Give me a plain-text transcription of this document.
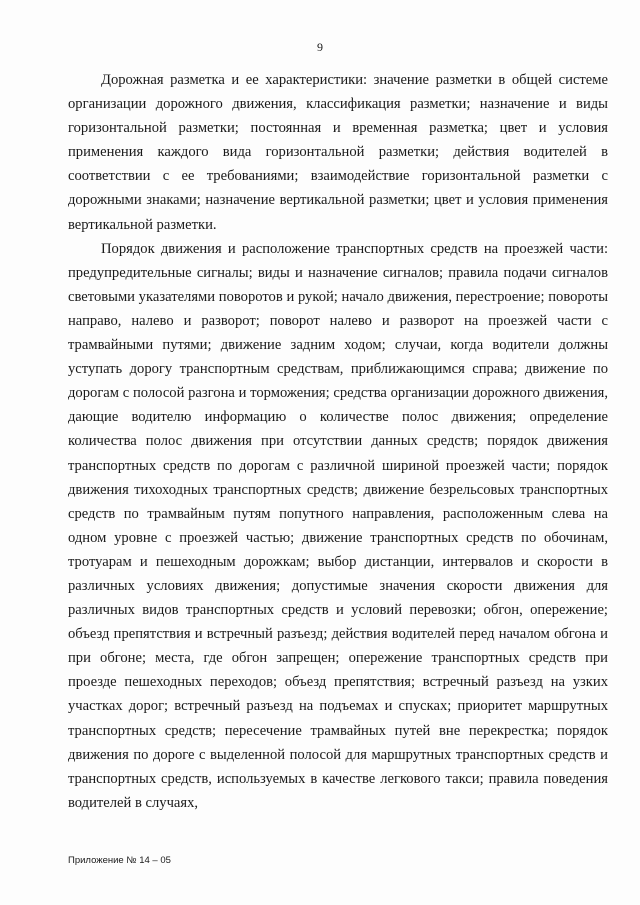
9

Дорожная разметка и ее характеристики: значение разметки в общей системе организации дорожного движения, классификация разметки; назначение и виды горизонтальной разметки; постоянная и временная разметка; цвет и условия применения каждого вида горизонтальной разметки; действия водителей в соответствии с ее требованиями; взаимодействие горизонтальной разметки с дорожными знаками; назначение вертикальной разметки; цвет и условия применения вертикальной разметки.

Порядок движения и расположение транспортных средств на проезжей части: предупредительные сигналы; виды и назначение сигналов; правила подачи сигналов световыми указателями поворотов и рукой; начало движения, перестроение; повороты направо, налево и разворот; поворот налево и разворот на проезжей части с трамвайными путями; движение задним ходом; случаи, когда водители должны уступать дорогу транспортным средствам, приближающимся справа; движение по дорогам с полосой разгона и торможения; средства организации дорожного движения, дающие водителю информацию о количестве полос движения; определение количества полос движения при отсутствии данных средств; порядок движения транспортных средств по дорогам с различной шириной проезжей части; порядок движения тихоходных транспортных средств; движение безрельсовых транспортных средств по трамвайным путям попутного направления, расположенным слева на одном уровне с проезжей частью; движение транспортных средств по обочинам, тротуарам и пешеходным дорожкам; выбор дистанции, интервалов и скорости в различных условиях движения; допустимые значения скорости движения для различных видов транспортных средств и условий перевозки; обгон, опережение; объезд препятствия и встречный разъезд; действия водителей перед началом обгона и при обгоне; места, где обгон запрещен; опережение транспортных средств при проезде пешеходных переходов; объезд препятствия; встречный разъезд на узких участках дорог; встречный разъезд на подъемах и спусках; приоритет маршрутных транспортных средств; пересечение трамвайных путей вне перекрестка; порядок движения по дороге с выделенной полосой для маршрутных транспортных средств и транспортных средств, используемых в качестве легкового такси; правила поведения водителей в случаях,

Приложение № 14 – 05
